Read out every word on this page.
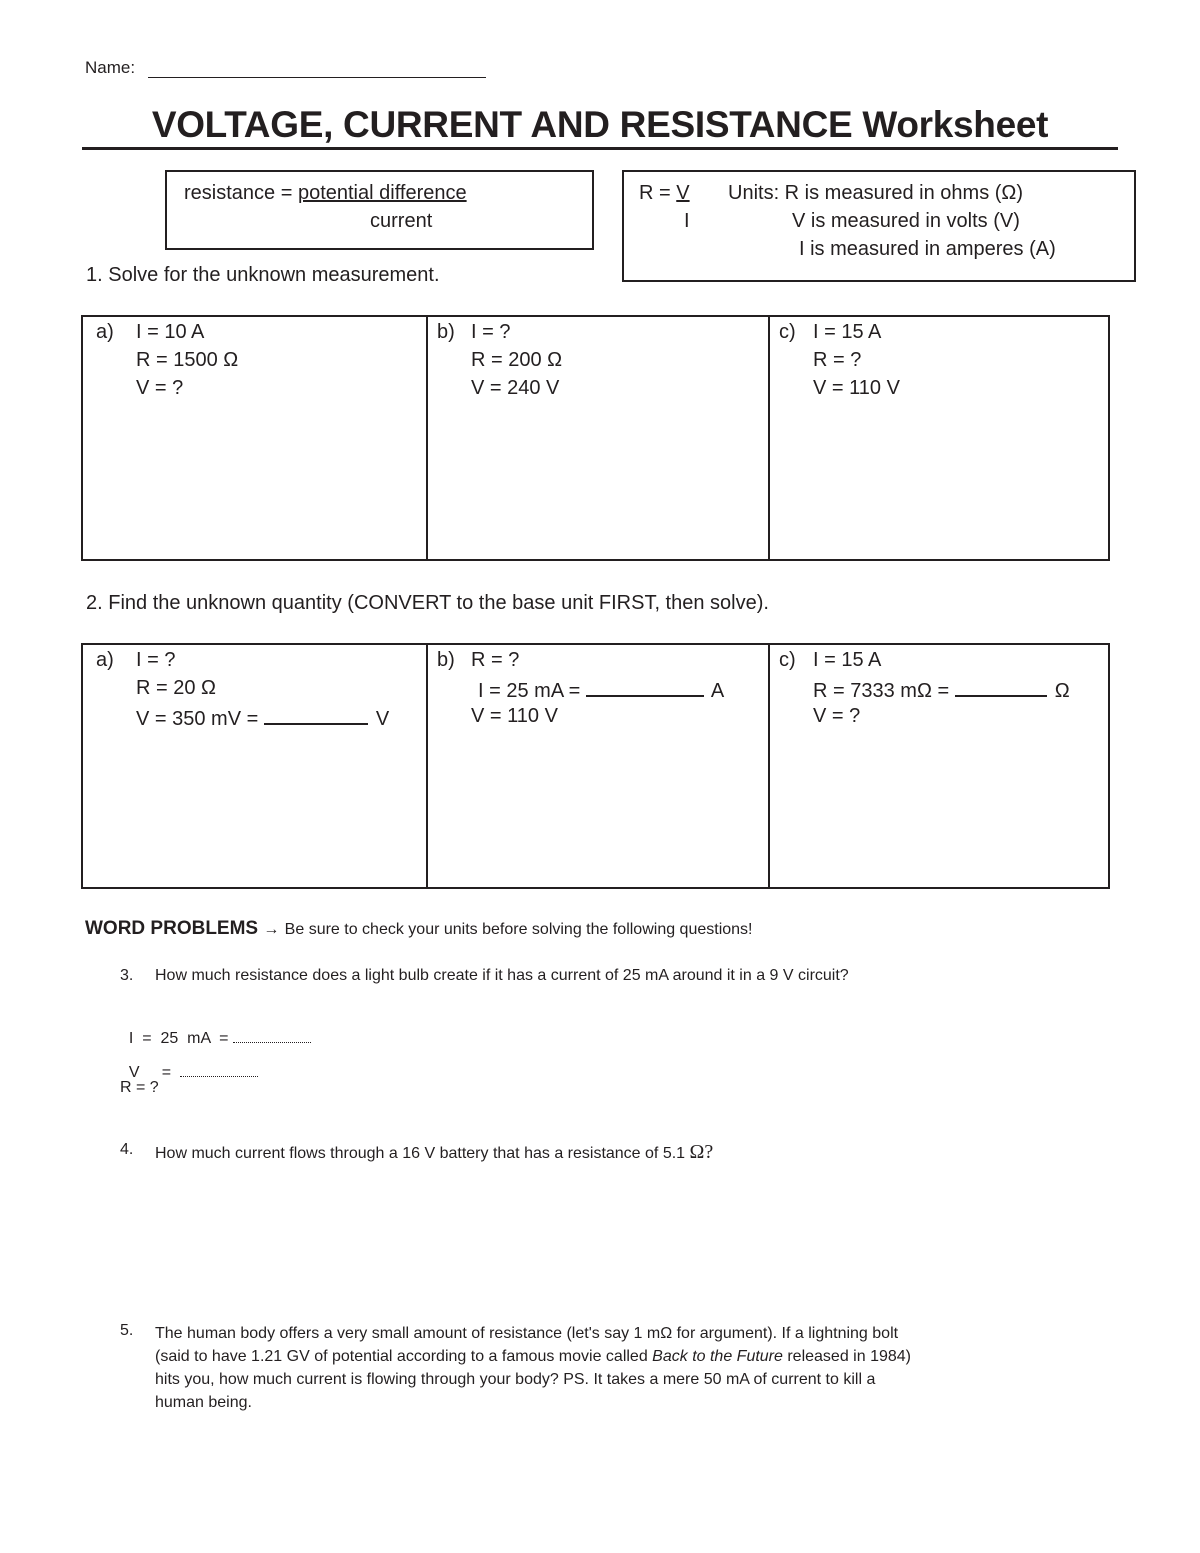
Name:
VOLTAGE, CURRENT AND RESISTANCE Worksheet
resistance = potential difference
current
R = V
I
Units: R is measured in ohms (Ω)
V is measured in volts (V)
I is measured in amperes (A)
1. Solve for the unknown measurement.
a) I = 10 A
R = 1500 Ω
V = ?
b) I = ?
R = 200 Ω
V = 240 V
c) I = 15 A
R = ?
V = 110 V
2. Find the unknown quantity (CONVERT to the base unit FIRST, then solve).
a) I = ?
R = 20 Ω
V = 350 mV =	V
b) R = ?
I = 25 mA =	A
V = 110 V
c) I = 15 A
R = 7333 mΩ =	Ω
V = ?
WORD PROBLEMS → Be sure to check your units before solving the following questions!
3. How much resistance does a light bulb create if it has a current of 25 mA around it in a 9 V circuit?

I  =  25  mA  =

V     =

R = ?
4. How much current flows through a 16 V battery that has a resistance of 5.1 Ω?
5. The human body offers a very small amount of resistance (let's say 1 mΩ for argument). If a lightning bolt
(said to have 1.21 GV of potential according to a famous movie called Back to the Future released in 1984)
hits you, how much current is flowing through your body? PS. It takes a mere 50 mA of current to kill a
human being.
